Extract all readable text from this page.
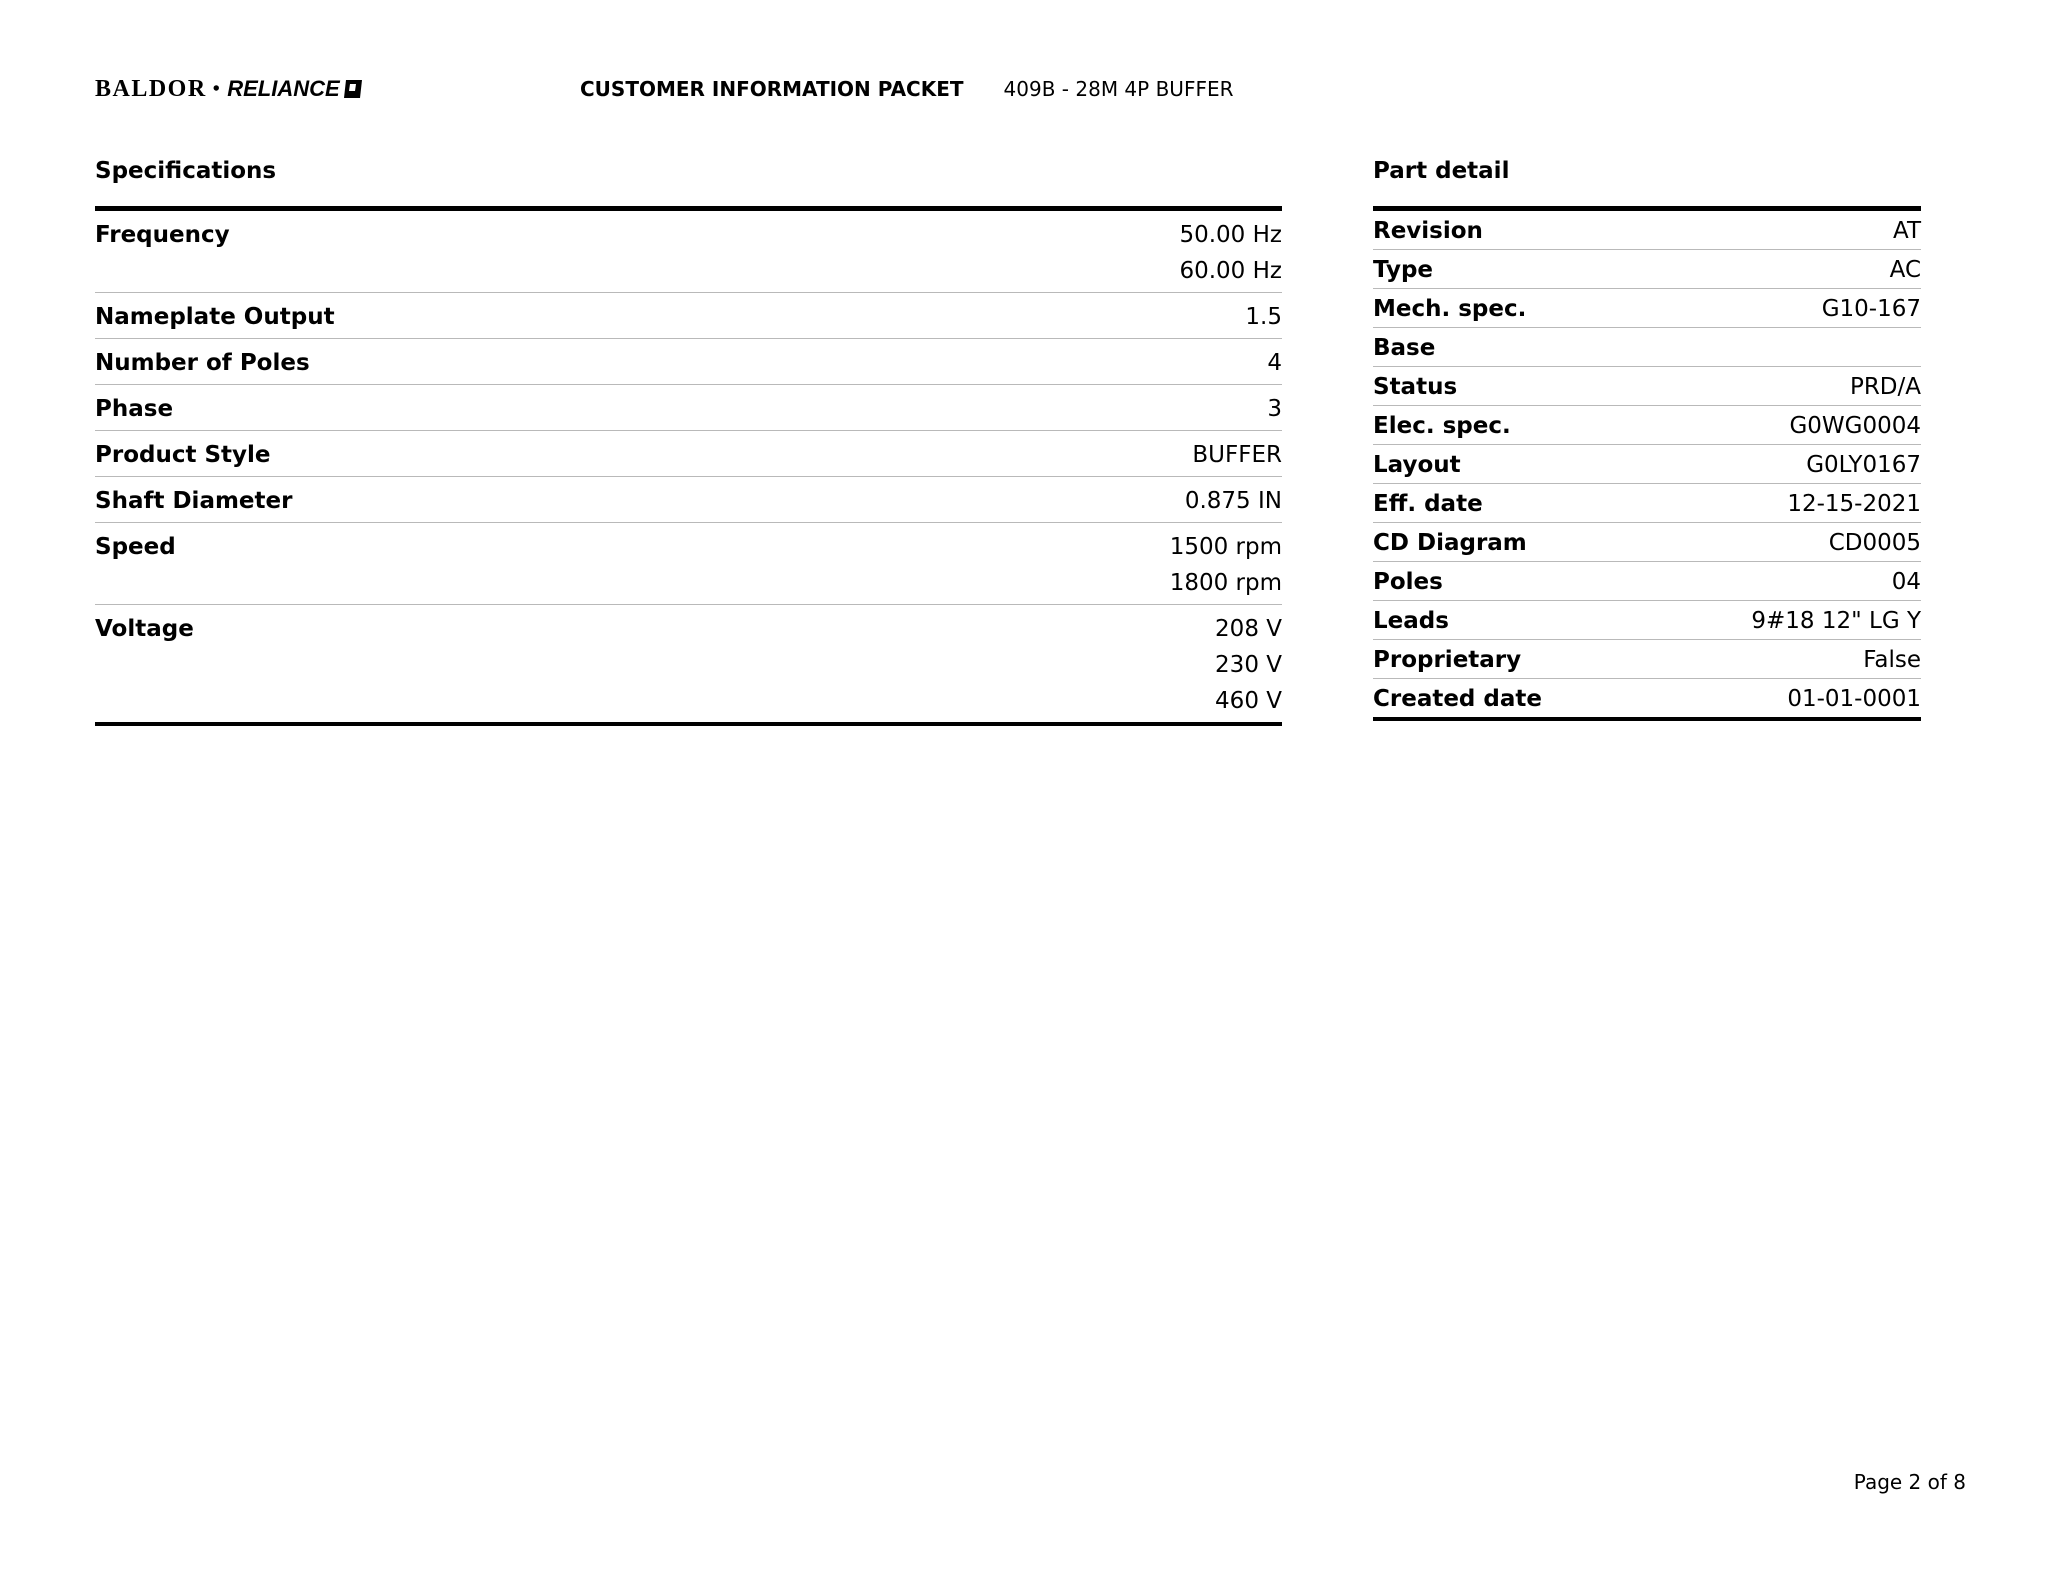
BALDOR • RELIANCE	CUSTOMER INFORMATION PACKET 409B - 28M 4P BUFFER
Specifications
Frequency	50.00 Hz
60.00 Hz
Nameplate Output	1.5
Number of Poles	4
Phase	3
Product Style	BUFFER
Shaft Diameter	0.875 IN
Speed	1500 rpm
1800 rpm
Voltage	208 V
230 V
460 V
Part detail
Revision	AT
Type	AC
Mech. spec.	G10-167
Base

Status	PRD/A
Elec. spec.	G0WG0004
Layout	G0LY0167
Eff. date	12-15-2021
CD Diagram	CD0005
Poles	04
Leads	9#18 12" LG Y
Proprietary	False
Created date	01-01-0001
Page 2 of 8
